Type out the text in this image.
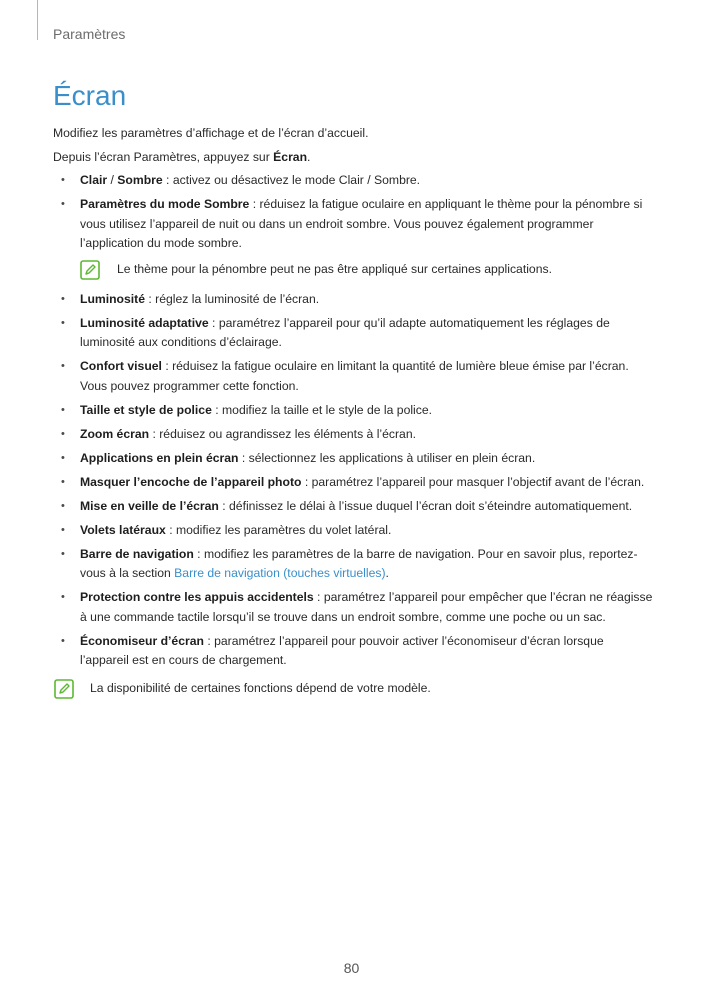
Paramètres
Écran

Modifiez les paramètres d’affichage et de l’écran d’accueil.

Depuis l’écran Paramètres, appuyez sur Écran.

• Clair / Sombre : activez ou désactivez le mode Clair / Sombre.
• Paramètres du mode Sombre : réduisez la fatigue oculaire en appliquant le thème pour la pénombre si vous utilisez l’appareil de nuit ou dans un endroit sombre. Vous pouvez également programmer l’application du mode sombre.
Le thème pour la pénombre peut ne pas être appliqué sur certaines applications.
• Luminosité : réglez la luminosité de l’écran.
• Luminosité adaptative : paramétrez l’appareil pour qu’il adapte automatiquement les réglages de luminosité aux conditions d’éclairage.
• Confort visuel : réduisez la fatigue oculaire en limitant la quantité de lumière bleue émise par l’écran. Vous pouvez programmer cette fonction.
• Taille et style de police : modifiez la taille et le style de la police.
• Zoom écran : réduisez ou agrandissez les éléments à l’écran.
• Applications en plein écran : sélectionnez les applications à utiliser en plein écran.
• Masquer l’encoche de l’appareil photo : paramétrez l’appareil pour masquer l’objectif avant de l’écran.
• Mise en veille de l’écran : définissez le délai à l’issue duquel l’écran doit s’éteindre automatiquement.
• Volets latéraux : modifiez les paramètres du volet latéral.
• Barre de navigation : modifiez les paramètres de la barre de navigation. Pour en savoir plus, reportez-vous à la section Barre de navigation (touches virtuelles).
• Protection contre les appuis accidentels : paramétrez l’appareil pour empêcher que l’écran ne réagisse à une commande tactile lorsqu’il se trouve dans un endroit sombre, comme une poche ou un sac.
• Économiseur d’écran : paramétrez l’appareil pour pouvoir activer l’économiseur d’écran lorsque l’appareil est en cours de chargement.
La disponibilité de certaines fonctions dépend de votre modèle.
80
